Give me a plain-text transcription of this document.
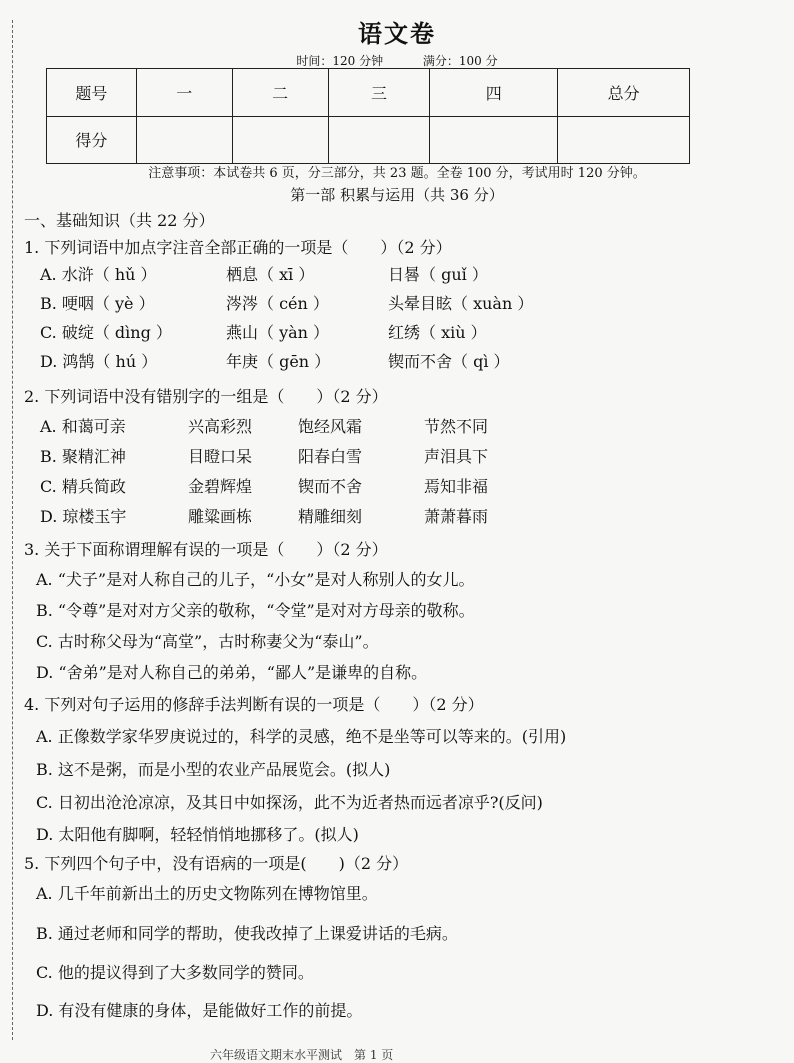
语文卷
时间：120 分钟	满分：100 分
题号	一	二	三	四	总分
得分					
注意事项：本试卷共 6 页，分三部分，共 23 题。全卷 100 分，考试用时 120 分钟。
第一部 积累与运用（共 36 分）
一、基础知识（共 22 分）
1. 下列词语中加点字注音全部正确的一项是（　　）（2 分）
A. 水浒（ hǔ ）	栖息（ xī ）	日晷（ guǐ ）
B. 哽咽（ yè ）	涔涔（ cén ）	头晕目眩（ xuàn ）
C. 破绽（ dìng ）	燕山（ yàn ）	红绣（ xiù ）
D. 鸿鹄（ hú ）	年庚（ gēn ）	锲而不舍（ qì ）
2. 下列词语中没有错别字的一组是（　　）（2 分）
A. 和蔼可亲	兴高彩烈	饱经风霜	节然不同
B. 聚精汇神	目瞪口呆	阳春白雪	声泪具下
C. 精兵简政	金碧辉煌	锲而不舍	焉知非福
D. 琼楼玉宇	雕粱画栋	精雕细刻	萧萧暮雨
3. 关于下面称谓理解有误的一项是（　　）（2 分）
A. “犬子”是对人称自己的儿子，“小女”是对人称别人的女儿。
B. “令尊”是对对方父亲的敬称，“令堂”是对对方母亲的敬称。
C. 古时称父母为“高堂”，古时称妻父为“泰山”。
D. “舍弟”是对人称自己的弟弟，“鄙人”是谦卑的自称。
4. 下列对句子运用的修辞手法判断有误的一项是（　　）（2 分）
A. 正像数学家华罗庚说过的，科学的灵感，绝不是坐等可以等来的。(引用)
B. 这不是粥，而是小型的农业产品展览会。(拟人)
C. 日初出沧沧凉凉，及其日中如探汤，此不为近者热而远者凉乎?(反问)
D. 太阳他有脚啊，轻轻悄悄地挪移了。(拟人)
5. 下列四个句子中，没有语病的一项是(　　)（2 分）
A. 几千年前新出土的历史文物陈列在博物馆里。
B. 通过老师和同学的帮助，使我改掉了上课爱讲话的毛病。
C. 他的提议得到了大多数同学的赞同。
D. 有没有健康的身体，是能做好工作的前提。
六年级语文期末水平测试　第 1 页
